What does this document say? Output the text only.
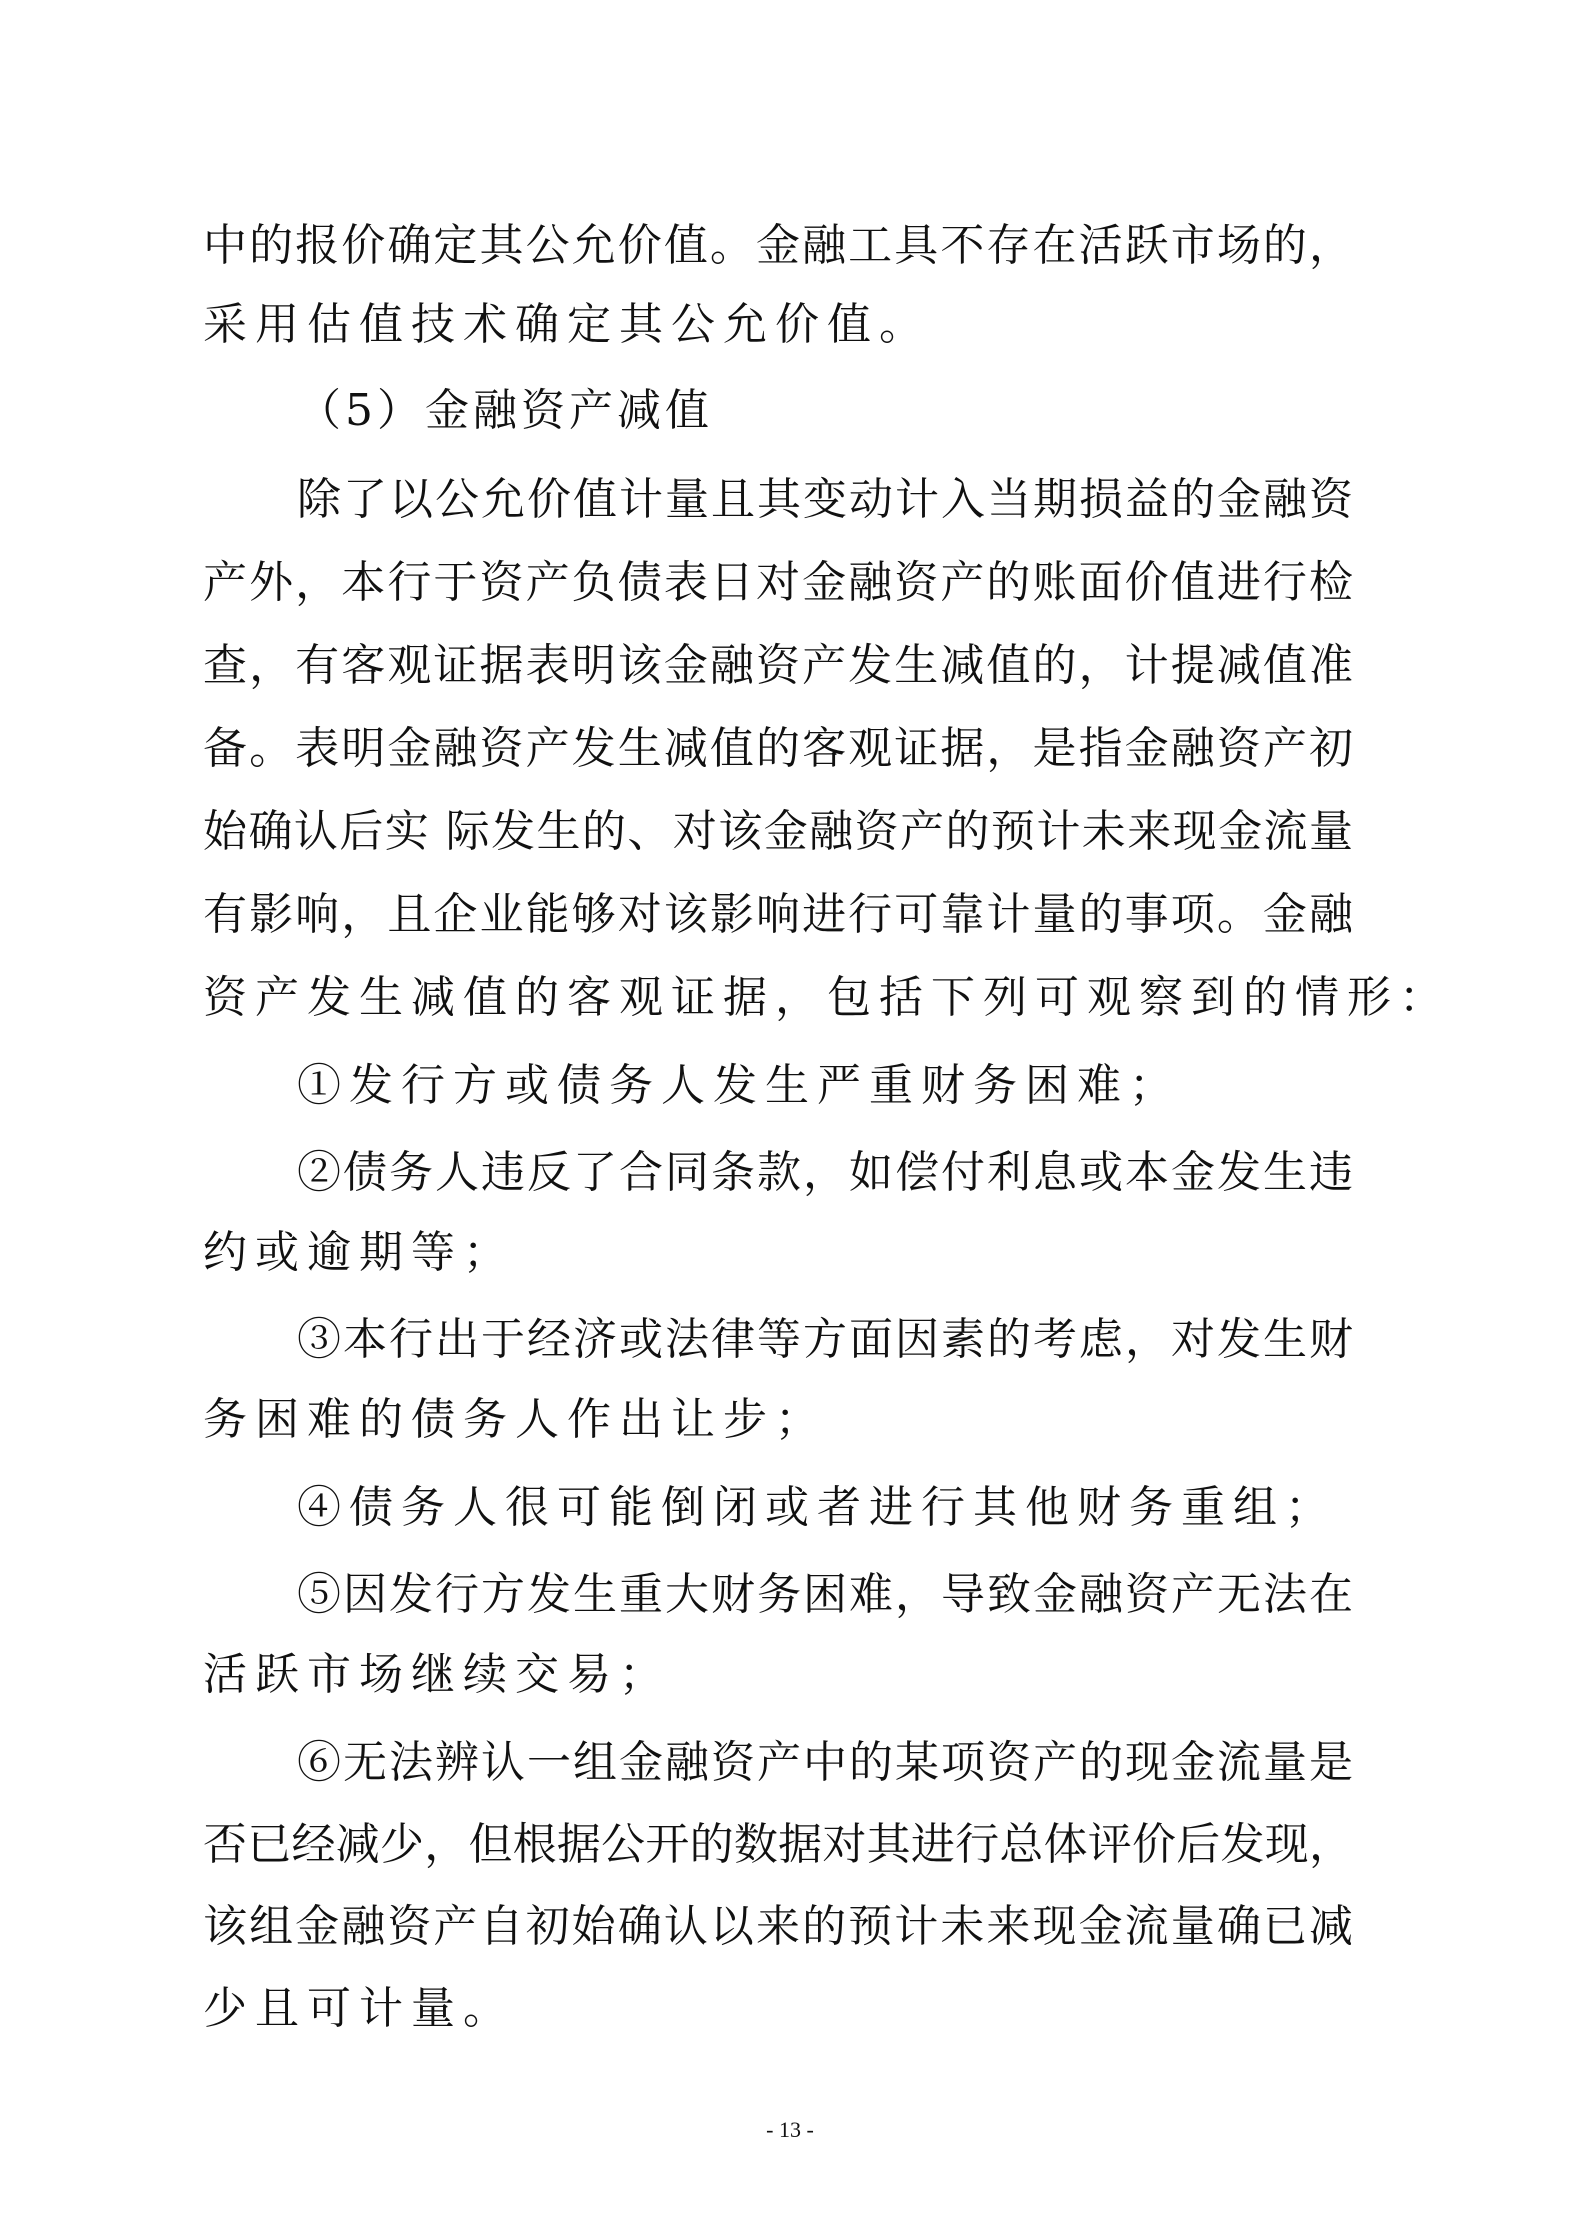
中的报价确定其公允价值。金融工具不存在活跃市场的，
采用估值技术确定其公允价值。
（5）金融资产减值
除了以公允价值计量且其变动计入当期损益的金融资
产外，本行于资产负债表日对金融资产的账面价值进行检
查，有客观证据表明该金融资产发生减值的，计提减值准
备。表明金融资产发生减值的客观证据，是指金融资产初
始确认后实 际发生的、对该金融资产的预计未来现金流量
有影响，且企业能够对该影响进行可靠计量的事项。金融
资产发生减值的客观证据，包括下列可观察到的情形：
①发行方或债务人发生严重财务困难；
②债务人违反了合同条款，如偿付利息或本金发生违
约或逾期等；
③本行出于经济或法律等方面因素的考虑，对发生财
务困难的债务人作出让步；
④债务人很可能倒闭或者进行其他财务重组；
⑤因发行方发生重大财务困难，导致金融资产无法在
活跃市场继续交易；
⑥无法辨认一组金融资产中的某项资产的现金流量是
否已经减少，但根据公开的数据对其进行总体评价后发现，
该组金融资产自初始确认以来的预计未来现金流量确已减
少且可计量。
- 13 -
